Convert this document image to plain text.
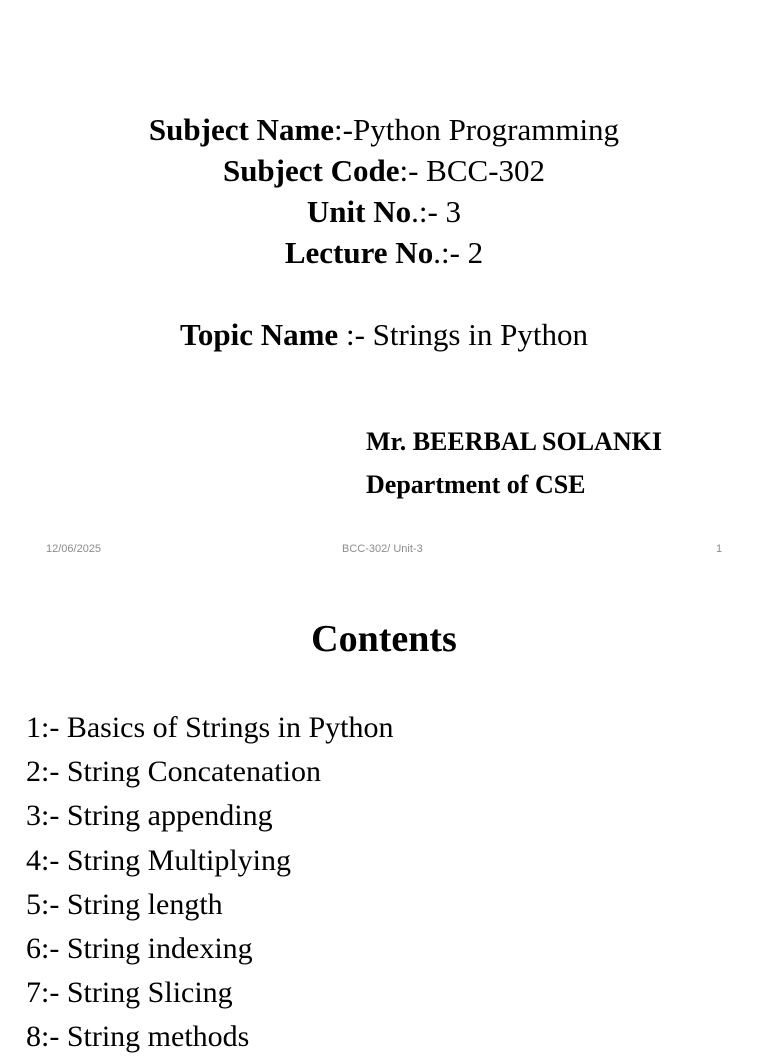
Subject Name:-Python Programming
Subject Code:- BCC-302
Unit No.:- 3
Lecture No.:- 2
Topic Name :- Strings in Python
Mr. BEERBAL SOLANKI
Department of CSE
12/06/2025	BCC-302/ Unit-3	1
Contents
1:- Basics of Strings in Python
2:- String Concatenation
3:- String appending
4:- String Multiplying
5:- String length
6:- String indexing
7:- String Slicing
8:- String methods
